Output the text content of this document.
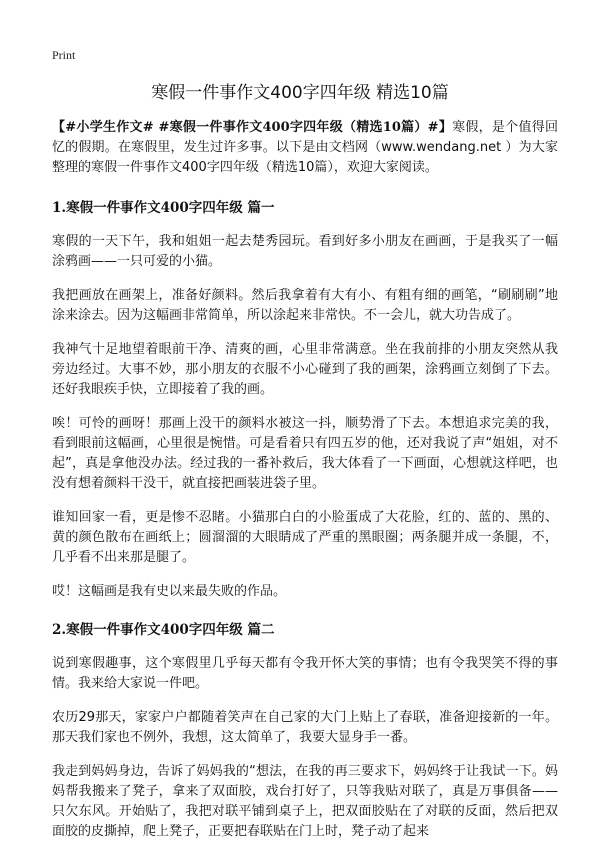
Print
寒假一件事作文400字四年级 精选10篇

【#小学生作文# #寒假一件事作文400字四年级（精选10篇）#】寒假，是个值得回忆的假期。在寒假里，发生过许多事。以下是由文档网（www.wendang.net ）为大家整理的寒假一件事作文400字四年级（精选10篇），欢迎大家阅读。

1.寒假一件事作文400字四年级 篇一

寒假的一天下午，我和姐姐一起去楚秀园玩。看到好多小朋友在画画，于是我买了一幅涂鸦画——一只可爱的小猫。

我把画放在画架上，准备好颜料。然后我拿着有大有小、有粗有细的画笔，“刷刷刷”地涂来涂去。因为这幅画非常简单，所以涂起来非常快。不一会儿，就大功告成了。

我神气十足地望着眼前干净、清爽的画，心里非常满意。坐在我前排的小朋友突然从我旁边经过。大事不妙，那小朋友的衣服不小心碰到了我的画架，涂鸦画立刻倒了下去。还好我眼疾手快，立即接着了我的画。

唉！可怜的画呀！那画上没干的颜料水被这一抖，顺势滑了下去。本想追求完美的我，看到眼前这幅画，心里很是惋惜。可是看着只有四五岁的他，还对我说了声“姐姐，对不起”，真是拿他没办法。经过我的一番补救后，我大体看了一下画面，心想就这样吧，也没有想着颜料干没干，就直接把画装进袋子里。

谁知回家一看，更是惨不忍睹。小猫那白白的小脸蛋成了大花脸，红的、蓝的、黑的、黄的颜色散布在画纸上；圆溜溜的大眼睛成了严重的黑眼圈；两条腿并成一条腿，不，几乎看不出来那是腿了。

哎！这幅画是我有史以来最失败的作品。

2.寒假一件事作文400字四年级 篇二

说到寒假趣事，这个寒假里几乎每天都有令我开怀大笑的事情；也有令我哭笑不得的事情。我来给大家说一件吧。

农历29那天，家家户户都随着笑声在自己家的大门上贴上了春联，准备迎接新的一年。那天我们家也不例外，我想，这太简单了，我要大显身手一番。

我走到妈妈身边，告诉了妈妈我的“想法，在我的再三要求下，妈妈终于让我试一下。妈妈帮我搬来了凳子，拿来了双面胶，戏台打好了，只等我贴对联了，真是万事俱备——只欠东风。开始贴了，我把对联平铺到桌子上，把双面胶贴在了对联的反面，然后把双面胶的皮撕掉，爬上凳子，正要把春联贴在门上时，凳子动了起来
